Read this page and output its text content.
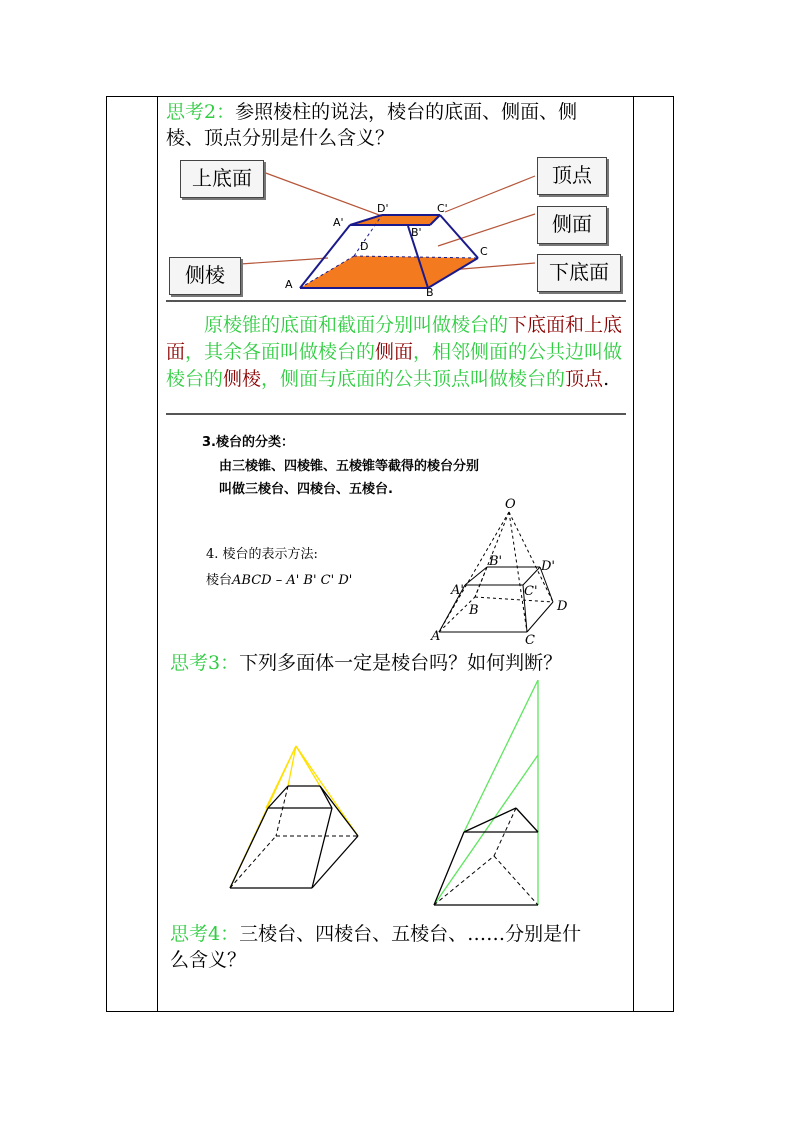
思考2：参照棱柱的说法，棱台的底面、侧面、侧
棱、顶点分别是什么含义？
D'	C'
A'
B'
D	C
A
B
上底面	顶点
侧面
侧棱	下底面
原棱锥的底面和截面分别叫做棱台的下底面和上底面，其余各面叫做棱台的侧面，相邻侧面的公共边叫做棱台的侧棱，侧面与底面的公共顶点叫做棱台的顶点.
3.棱台的分类：
由三棱锥、四棱锥、五棱锥等截得的棱台分别
叫做三棱台、四棱台、五棱台.
4. 棱台的表示方法:
棱台ABCD – A' B' C' D'
O
B'	D'
A'	C'
B	D
A	C
思考3：下列多面体一定是棱台吗？如何判断？
思考4：三棱台、四棱台、五棱台、……分别是什
么含义？
